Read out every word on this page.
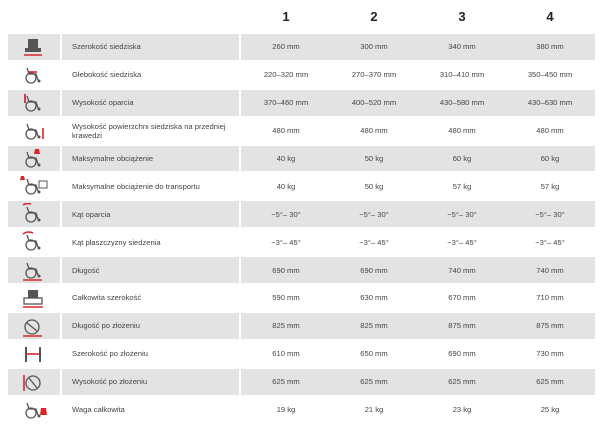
1	2	3	4
Szerokość siedziska	260 mm	300 mm	340 mm	380 mm
Głebokość siedziska	220–320 mm	270–370 mm	310–410 mm	350–450 mm
Wysokość oparcia	370–460 mm	400–520 mm	430–580 mm	430–630 mm
Wysokość powierzchni siedziska na przedniej krawedzi	480 mm	480 mm	480 mm	480 mm
Maksymalne obciążenie	40 kg	50 kg	60 kg	60 kg
Maksymalne obciążenie do transportu	40 kg	50 kg	57 kg	57 kg
Kąt oparcia	−5°– 30°	−5°– 30°	−5°– 30°	−5°– 30°
Kąt płaszczyzny siedzenia	−3°– 45°	−3°– 45°	−3°– 45°	−3°– 45°
Długość	690 mm	690 mm	740 mm	740 mm
Całkowita szerokość	590 mm	630 mm	670 mm	710 mm
Długość po złożeniu	825 mm	825 mm	875 mm	875 mm
Szerokość po złożeniu	610 mm	650 mm	690 mm	730 mm
Wysokość po złożeniu	625 mm	625 mm	625 mm	625 mm
Waga całkowita	19 kg	21 kg	23 kg	25 kg
